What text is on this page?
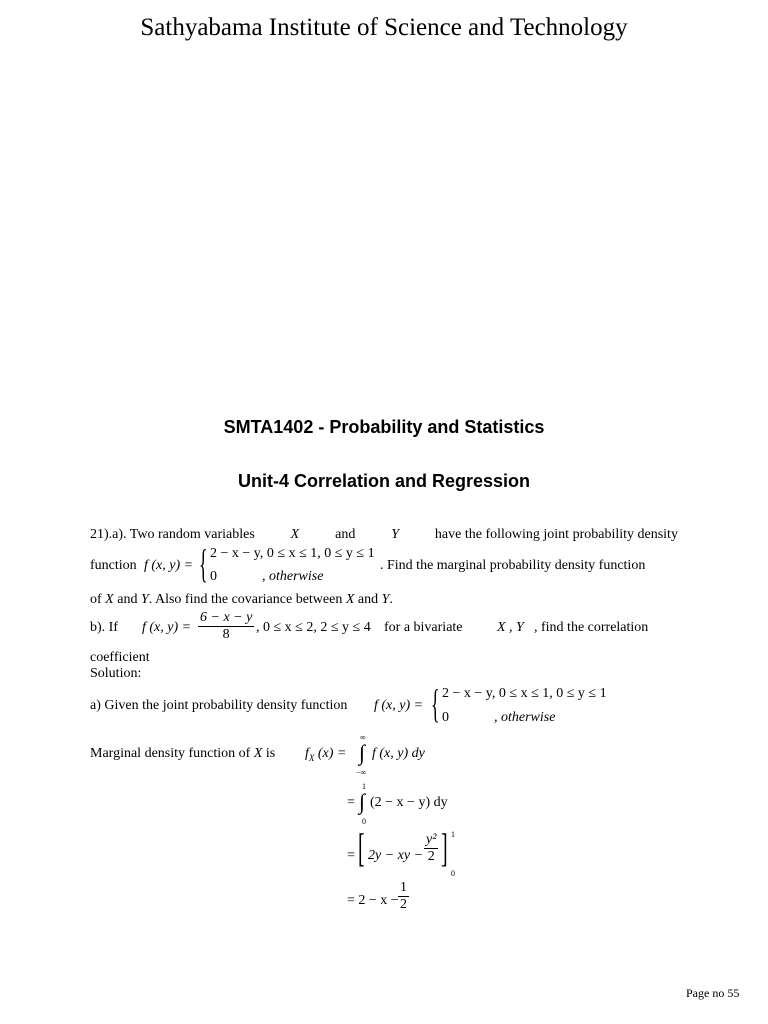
Sathyabama Institute of Science and Technology
SMTA1402 - Probability and Statistics
Unit-4 Correlation and Regression
21).a). Two random variables	X	and	Y	have the following joint probability density
function f (x, y) = { 2 − x − y, 0 ≤ x ≤ 1, 0 ≤ y ≤ 1
0	, otherwise
. Find the marginal probability density function
of X and Y. Also find the covariance between X and Y.
b). If f (x, $y) = \frac{6 - x - y}{8}$ , 0 ≤ x ≤ 2, 2 ≤ y ≤ 4 for a bivariate X , Y , find the correlation
coefficient
Solution:
a) Given the joint probability density function f (x, y) = { 2 − x − y, 0 ≤ x ≤ 1, 0 ≤ y ≤ 1
0	, otherwise
Marginal density function of X is $f_X$ (x) =
∞
∫
−∞
f (x, y) dy
=
1
∫
0
(2 − x − y) dy
= [ 2y − xy − $\frac{\text{y²}}{2}$ ] 1
0
= $2 - x - \frac{1}{2}$
Page no 55
